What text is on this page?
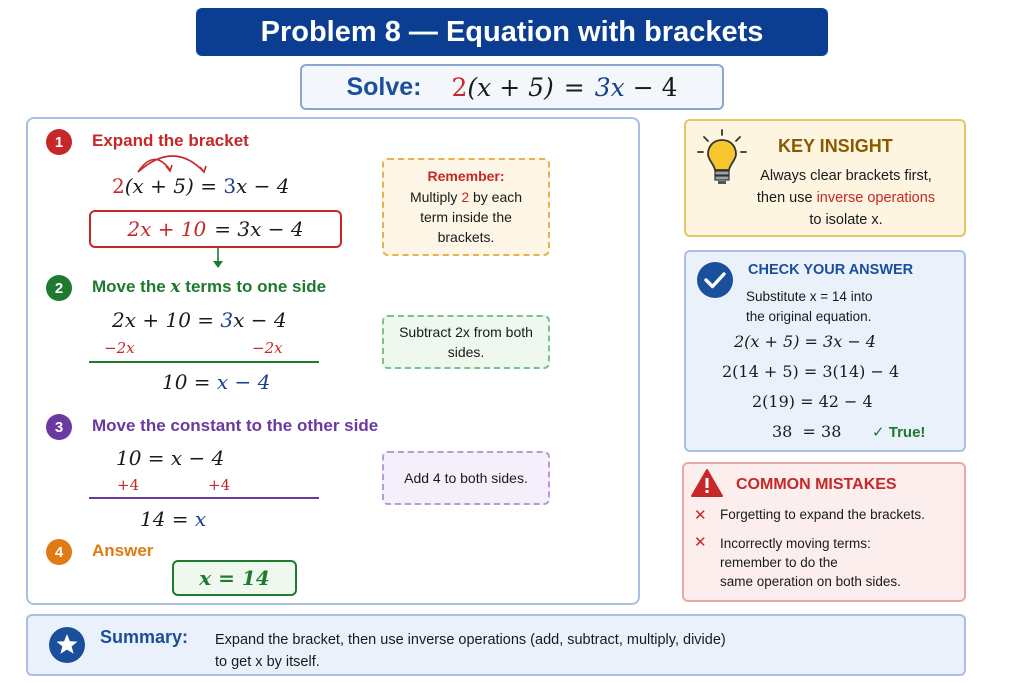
Problem 8 — Equation with brackets
Solve: 2 (x + 5) = 3x − 4
1	Expand the bracket
2(x + 5) = 3x − 4
2x + 10 = 3x − 4
Remember:
Multiply 2 by each
term inside the
brackets.
2	Move the x terms to one side
2x + 10 = 3x − 4
−2x	−2x
10 = x − 4
Subtract 2x from both sides.
3	Move the constant to the other side
10 = x − 4
+4	+4
14 = x
Add 4 to both sides.
4	Answer
x = 14
KEY INSIGHT
Always clear brackets first,
then use inverse operations
to isolate x.
CHECK YOUR ANSWER
Substitute x = 14 into
the original equation.
2(x + 5) = 3x − 4
2(14 + 5) = 3(14) − 4
2(19) = 42 − 4
38  = 38 ✓ True!
COMMON MISTAKES
✕ Forgetting to expand the brackets.
✕ Incorrectly moving terms:
remember to do the
same operation on both sides.
Summary: Expand the bracket, then use inverse operations (add, subtract, multiply, divide)
to get x by itself.
